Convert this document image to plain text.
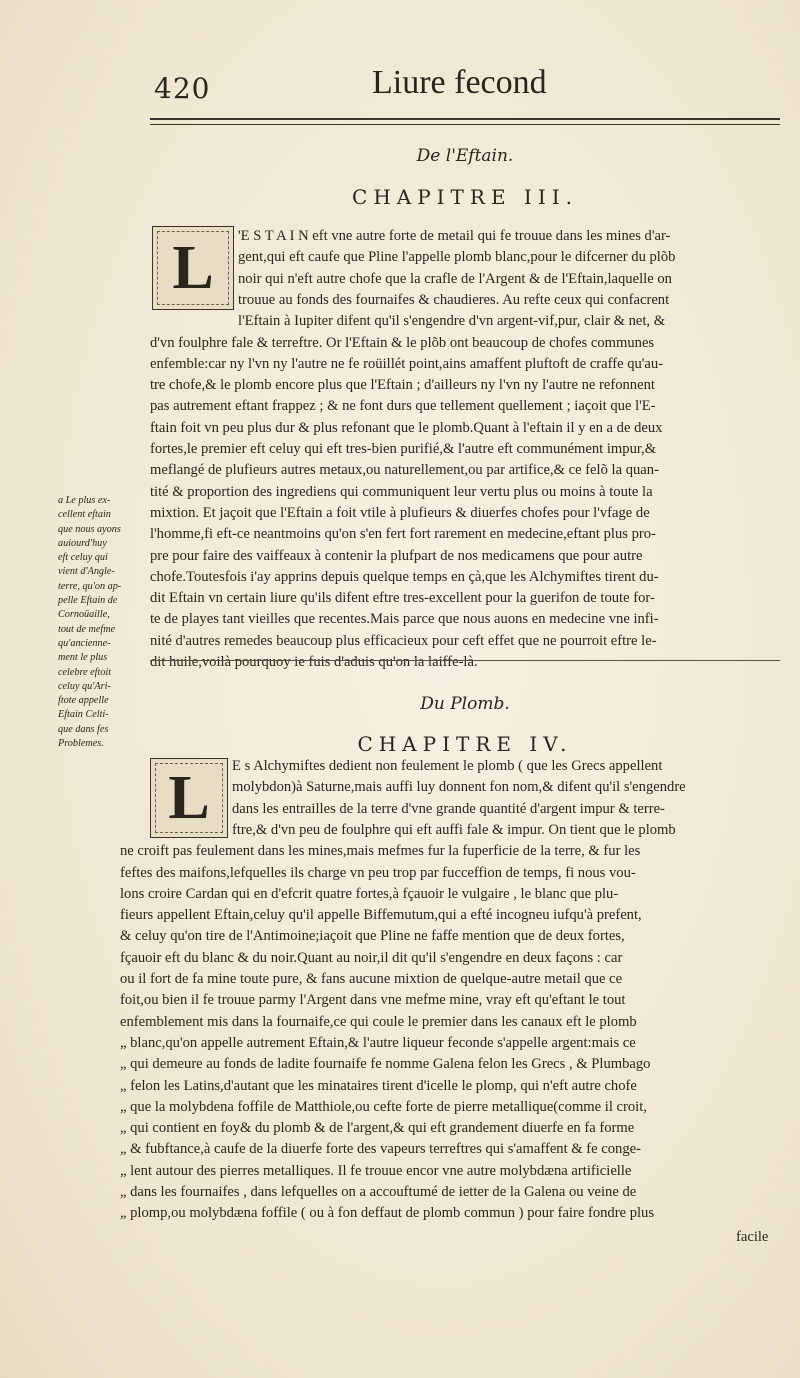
420	Liure fecond
De l'Eftain.
CHAPITRE III.
L 'E S T A I N eft vne autre forte de metail qui fe trouue dans les mines d'ar-
gent,qui eft caufe que Pline l'appelle plomb blanc,pour le difcerner du plõb
noir qui n'eft autre chofe que la crafle de l'Argent & de l'Eftain,laquelle on
trouue au fonds des fournaifes & chaudieres. Au refte ceux qui confacrent
l'Eftain à Iupiter difent qu'il s'engendre d'vn argent-vif,pur, clair & net, &
d'vn foulphre fale & terreftre. Or l'Eftain & le plõb ont beaucoup de chofes communes
enfemble:car ny l'vn ny l'autre ne fe roüillét point,ains amaffent pluftoft de craffe qu'au-
tre chofe,& le plomb encore plus que l'Eftain ; d'ailleurs ny l'vn ny l'autre ne refonnent
pas autrement eftant frappez ; & ne font durs que tellement quellement ; iaçoit que l'E-
ftain foit vn peu plus dur & plus refonant que le plomb.Quant à l'eftain il y en a de deux
fortes,le premier eft celuy qui eft tres-bien purifié,& l'autre eft communément impur,&
meflangé de plufieurs autres metaux,ou naturellement,ou par artifice,& ce felõ la quan-
tité & proportion des ingrediens qui communiquent leur vertu plus ou moins à toute la
mixtion. Et jaçoit que l'Eftain a foit vtile à plufieurs & diuerfes chofes pour l'vfage de
l'homme,fi eft-ce neantmoins qu'on s'en fert fort rarement en medecine,eftant plus pro-
pre pour faire des vaiffeaux à contenir la plufpart de nos medicamens que pour autre
chofe.Toutesfois i'ay apprins depuis quelque temps en çà,que les Alchymiftes tirent du-
dit Eftain vn certain liure qu'ils difent eftre tres-excellent pour la guerifon de toute for-
te de playes tant vieilles que recentes.Mais parce que nous auons en medecine vne infi-
nité d'autres remedes beaucoup plus efficacieux pour ceft effet que ne pourroit eftre le-
dit huile,voilà pourquoy ie fuis d'aduis qu'on la laiffe-là.
a Le plus ex-
cellent eftain
que nous ayons
auiourd'huy
eft celuy qui
vient d'Angle-
terre, qu'on ap-
pelle Eftain de
Cornoüaille,
tout de mefme
qu'ancienne-
ment le plus
celebre eftoit
celuy qu'Ari-
ftote appelle
Eftain Celti-
que dans fes
Problemes.
Du Plomb.
CHAPITRE IV.
L E s Alchymiftes dedient non feulement le plomb ( que les Grecs appellent
molybdon)à Saturne,mais auffi luy donnent fon nom,& difent qu'il s'engendre
dans les entrailles de la terre d'vne grande quantité d'argent impur & terre-
ftre,& d'vn peu de foulphre qui eft auffi fale & impur. On tient que le plomb
ne croift pas feulement dans les mines,mais mefmes fur la fuperficie de la terre, & fur les
feftes des maifons,lefquelles ils charge vn peu trop par fucceffion de temps, fi nous vou-
lons croire Cardan qui en d'efcrit quatre fortes,à fçauoir le vulgaire , le blanc que plu-
fieurs appellent Eftain,celuy qu'il appelle Biffemutum,qui a efté incogneu iufqu'à prefent,
& celuy qu'on tire de l'Antimoine;iaçoit que Pline ne faffe mention que de deux fortes,
fçauoir eft du blanc & du noir.Quant au noir,il dit qu'il s'engendre en deux façons : car
ou il fort de fa mine toute pure, & fans aucune mixtion de quelque-autre metail que ce
foit,ou bien il fe trouue parmy l'Argent dans vne mefme mine, vray eft qu'eftant le tout
enfemblement mis dans la fournaife,ce qui coule le premier dans les canaux eft le plomb
„ blanc,qu'on appelle autrement Eftain,& l'autre liqueur feconde s'appelle argent:mais ce
„ qui demeure au fonds de ladite fournaife fe nomme Galena felon les Grecs , & Plumbago
„ felon les Latins,d'autant que les minataires tirent d'icelle le plomp, qui n'eft autre chofe
„ que la molybdena foffile de Matthiole,ou cefte forte de pierre metallique(comme il croit,
„ qui contient en foy& du plomb & de l'argent,& qui eft grandement diuerfe en fa forme
„ & fubftance,à caufe de la diuerfe forte des vapeurs terreftres qui s'amaffent & fe conge-
„ lent autour des pierres metalliques. Il fe trouue encor vne autre molybdæna artificielle
„ dans les fournaifes , dans lefquelles on a accouftumé de ietter de la Galena ou veine de
„ plomp,ou molybdæna foffile ( ou à fon deffaut de plomb commun ) pour faire fondre plus
facile
